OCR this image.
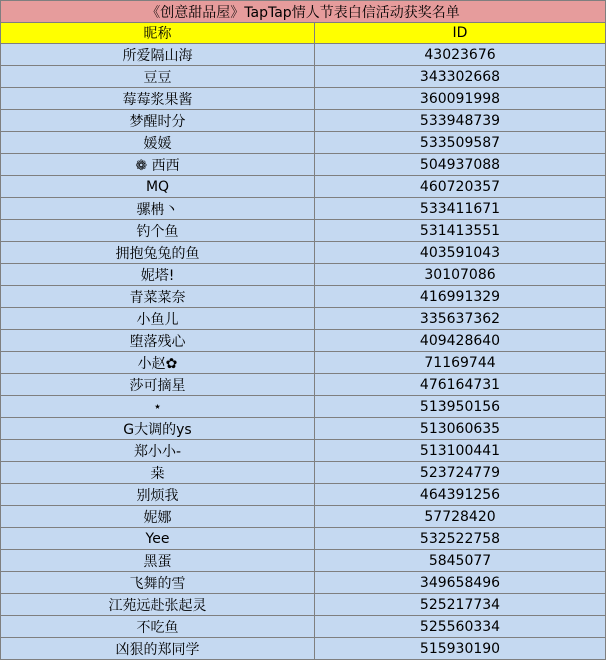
《创意甜品屋》TapTap情人节表白信活动获奖名单	
昵称	ID
所爱隔山海	43023676
豆豆	343302668
莓莓浆果酱	360091998
梦醒时分	533948739
媛媛	533509587
❁ 西西	504937088
MQ	460720357
骡柟丶	533411671
钓个鱼	531413551
拥抱兔兔的鱼	403591043
妮塔!	30107086
青菜菜奈	416991329
小鱼儿	335637362
堕落残心	409428640
小赵✿	71169744
莎可摘星	476164731
⋆	513950156
G大调的ys	513060635
郑小小-	513100441
桒	523724779
别烦我	464391256
妮娜	57728420
Yee	532522758
黑蛋	5845077
飞舞的雪	349658496
江苑远赴张起灵	525217734
不吃鱼	525560334
凶狠的郑同学	515930190
